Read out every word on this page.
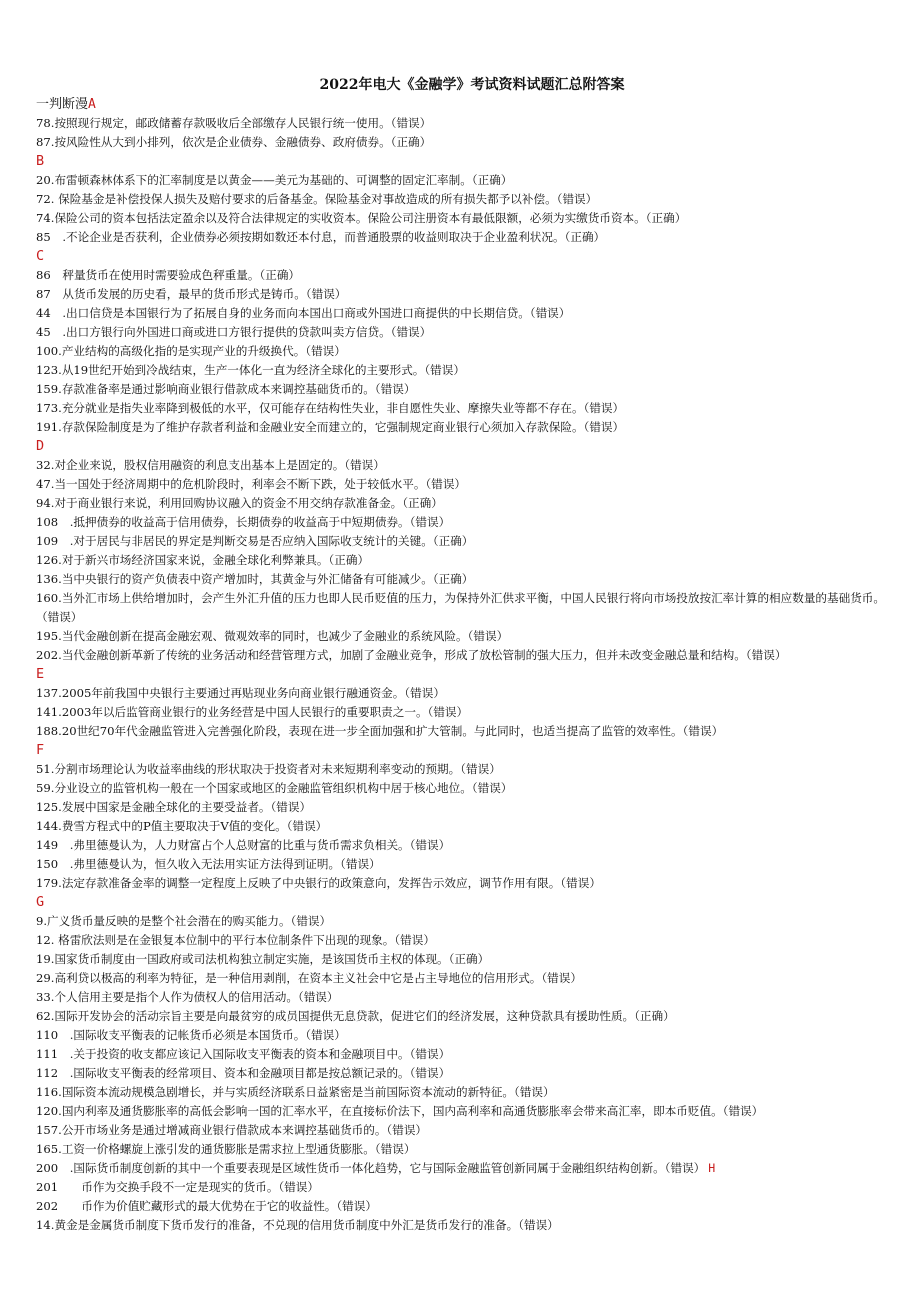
2022年电大《金融学》考试资料试题汇总附答案
一判断漫A
78.按照现行规定，邮政储蓄存款吸收后全部缴存人民银行统一使用。（错误）
87.按风险性从大到小排列，依次是企业债券、金融债券、政府债券。（正确）
B
20.布雷顿森林体系下的汇率制度是以黄金——美元为基础的、可调整的固定汇率制。（正确）
72. 保险基金是补偿投保人损失及赔付要求的后备基金。保险基金对事故造成的所有损失都予以补偿。（错误）
74.保险公司的资本包括法定盈余以及符合法律规定的实收资本。保险公司注册资本有最低限额，必须为实缴货币资本。（正确）
85　.不论企业是否获利，企业债券必须按期如数还本付息，而普通股票的收益则取决于企业盈利状况。（正确）
C
86　秤量货币在使用时需要验成色秤重量。（正确）
87　从货币发展的历史看，最早的货币形式是铸币。（错误）
44　.出口信贷是本国银行为了拓展自身的业务而向本国出口商或外国进口商提供的中长期信贷。（错误）
45　.出口方银行向外国进口商或进口方银行提供的贷款叫卖方信贷。（错误）
100.产业结构的高级化指的是实现产业的升级换代。（错误）
123.从19世纪开始到冷战结束，生产一体化一直为经济全球化的主要形式。（错误）
159.存款准备率是通过影响商业银行借款成本来调控基础货币的。（错误）
173.充分就业是指失业率降到极低的水平，仅可能存在结构性失业，非自愿性失业、摩擦失业等都不存在。（错误）
191.存款保险制度是为了维护存款者利益和金融业安全而建立的，它强制规定商业银行心须加入存款保险。（错误）
D
32.对企业来说，股权信用融资的利息支出基本上是固定的。（错误）
47.当一国处于经济周期中的危机阶段时，利率会不断下跌，处于较低水平。（错误）
94.对于商业银行来说，利用回购协议融入的资金不用交纳存款准备金。（正确）
108　.抵押债券的收益高于信用债券，长期债券的收益高于中短期债券。（错误）
109　.对于居民与非居民的界定是判断交易是否应纳入国际收支统计的关键。（正确）
126.对于新兴市场经济国家来说，金融全球化利弊兼具。（正确）
136.当中央银行的资产负债表中资产增加时，其黄金与外汇储备有可能减少。（正确）
160.当外汇市场上供给增加时，会产生外汇升值的压力也即人民币贬值的压力，为保持外汇供求平衡，中国人民银行将向市场投放按汇率计算的相应数量的基础货币。（错误）
195.当代金融创新在提高金融宏观、微观效率的同时，也减少了金融业的系统风险。（错误）
202.当代金融创新革新了传统的业务活动和经营管理方式，加剧了金融业竞争，形成了放松管制的强大压力，但并未改变金融总量和结构。（错误）
E
137.2005年前我国中央银行主要通过再贴现业务向商业银行融通资金。（错误）
141.2003年以后监管商业银行的业务经营是中国人民银行的重要职责之一。（错误）
188.20世纪70年代金融监管进入完善强化阶段，表现在进一步全面加强和扩大管制。与此同时，也适当提高了监管的效率性。（错误）
F
51.分割市场理论认为收益率曲线的形状取决于投资者对未来短期利率变动的预期。（错误）
59.分业设立的监管机构一般在一个国家或地区的金融监管组织机构中居于核心地位。（错误）
125.发展中国家是金融全球化的主要受益者。（错误）
144.费雪方程式中的P值主要取决于V值的变化。（错误）
149　.弗里德曼认为，人力财富占个人总财富的比重与货币需求负相关。（错误）
150　.弗里德曼认为，恒久收入无法用实证方法得到证明。（错误）
179.法定存款准备金率的调整一定程度上反映了中央银行的政策意向，发挥告示效应，调节作用有限。（错误）
G
9.广义货币量反映的是整个社会潜在的购买能力。（错误）
12. 格雷欣法则是在金银复本位制中的平行本位制条件下出现的现象。（错误）
19.国家货币制度由一国政府或司法机构独立制定实施，是该国货币主权的体现。（正确）
29.高利贷以极高的利率为特征，是一种信用剥削，在资本主义社会中它是占主导地位的信用形式。（错误）
33.个人信用主要是指个人作为债权人的信用活动。（错误）
62.国际开发协会的活动宗旨主要是向最贫穷的成员国提供无息贷款，促进它们的经济发展，这种贷款具有援助性质。（正确）
110　.国际收支平衡表的记帐货币必须是本国货币。（错误）
111　.关于投资的收支都应该记入国际收支平衡表的资本和金融项目中。（错误）
112　.国际收支平衡表的经常项目、资本和金融项目都是按总额记录的。（错误）
116.国际资本流动规模急剧增长，并与实质经济联系日益紧密是当前国际资本流动的新特征。（错误）
120.国内利率及通货膨胀率的高低会影响一国的汇率水平，在直接标价法下，国内高利率和高通货膨胀率会带来高汇率，即本币贬值。（错误）
157.公开市场业务是通过增减商业银行借款成本来调控基础货币的。（错误）
165.工资一价格螺旋上涨引发的通货膨胀是需求拉上型通货膨胀。（错误）
200　.国际货币制度创新的其中一个重要表现是区域性货币一体化趋势，它与国际金融监管创新同属于金融组织结构创新。（错误） H
201　　币作为交换手段不一定是现实的货币。（错误）
202　　币作为价值贮藏形式的最大优势在于它的收益性。（错误）
14.黄金是金属货币制度下货币发行的准备，不兑现的信用货币制度中外汇是货币发行的准备。（错误）
